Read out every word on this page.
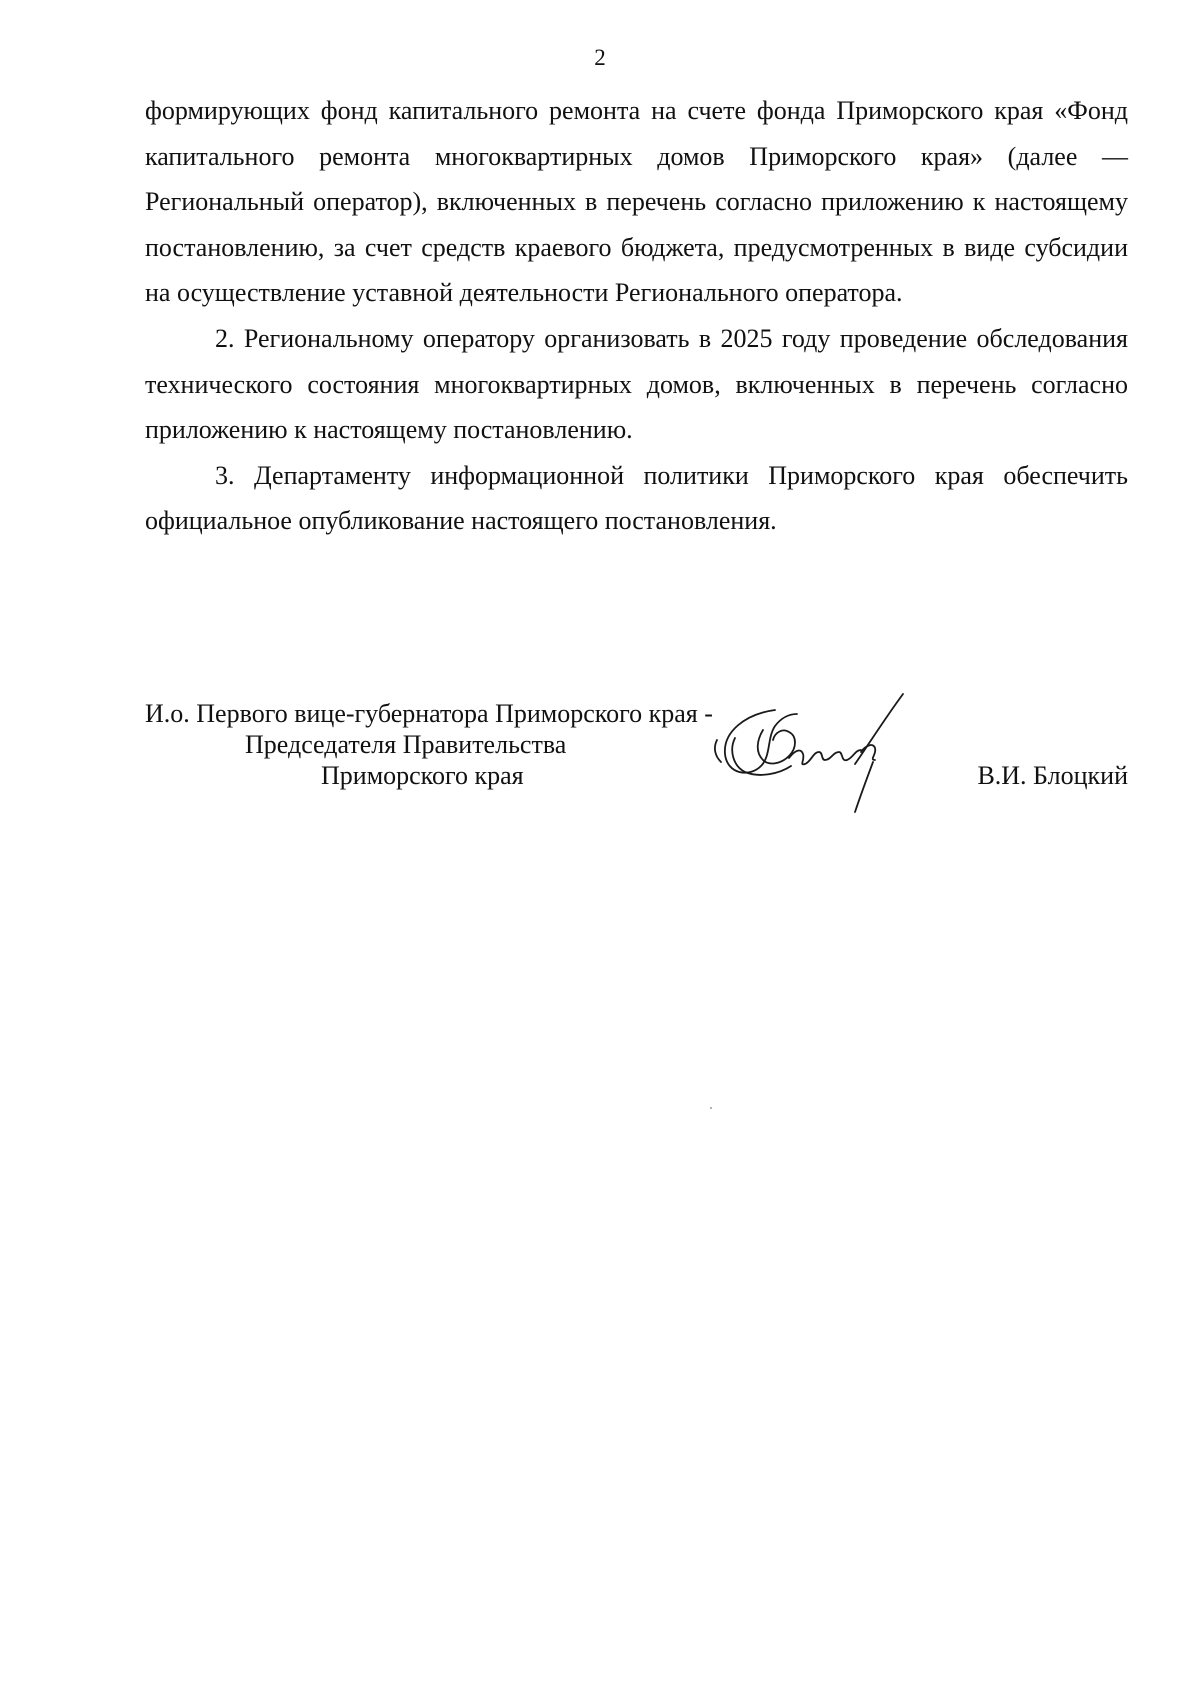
2

формирующих фонд капитального ремонта на счете фонда Приморского края «Фонд капитального ремонта многоквартирных домов Приморского края» (далее — Региональный оператор), включенных в перечень согласно приложению к настоящему постановлению, за счет средств краевого бюджета, предусмотренных в виде субсидии на осуществление уставной деятельности Регионального оператора.

2. Региональному оператору организовать в 2025 году проведение обследования технического состояния многоквартирных домов, включенных в перечень согласно приложению к настоящему постановлению.

3. Департаменту информационной политики Приморского края обеспечить официальное опубликование настоящего постановления.

И.о. Первого вице-губернатора Приморского края -
Председателя Правительства
Приморского края	В.И. Блоцкий
